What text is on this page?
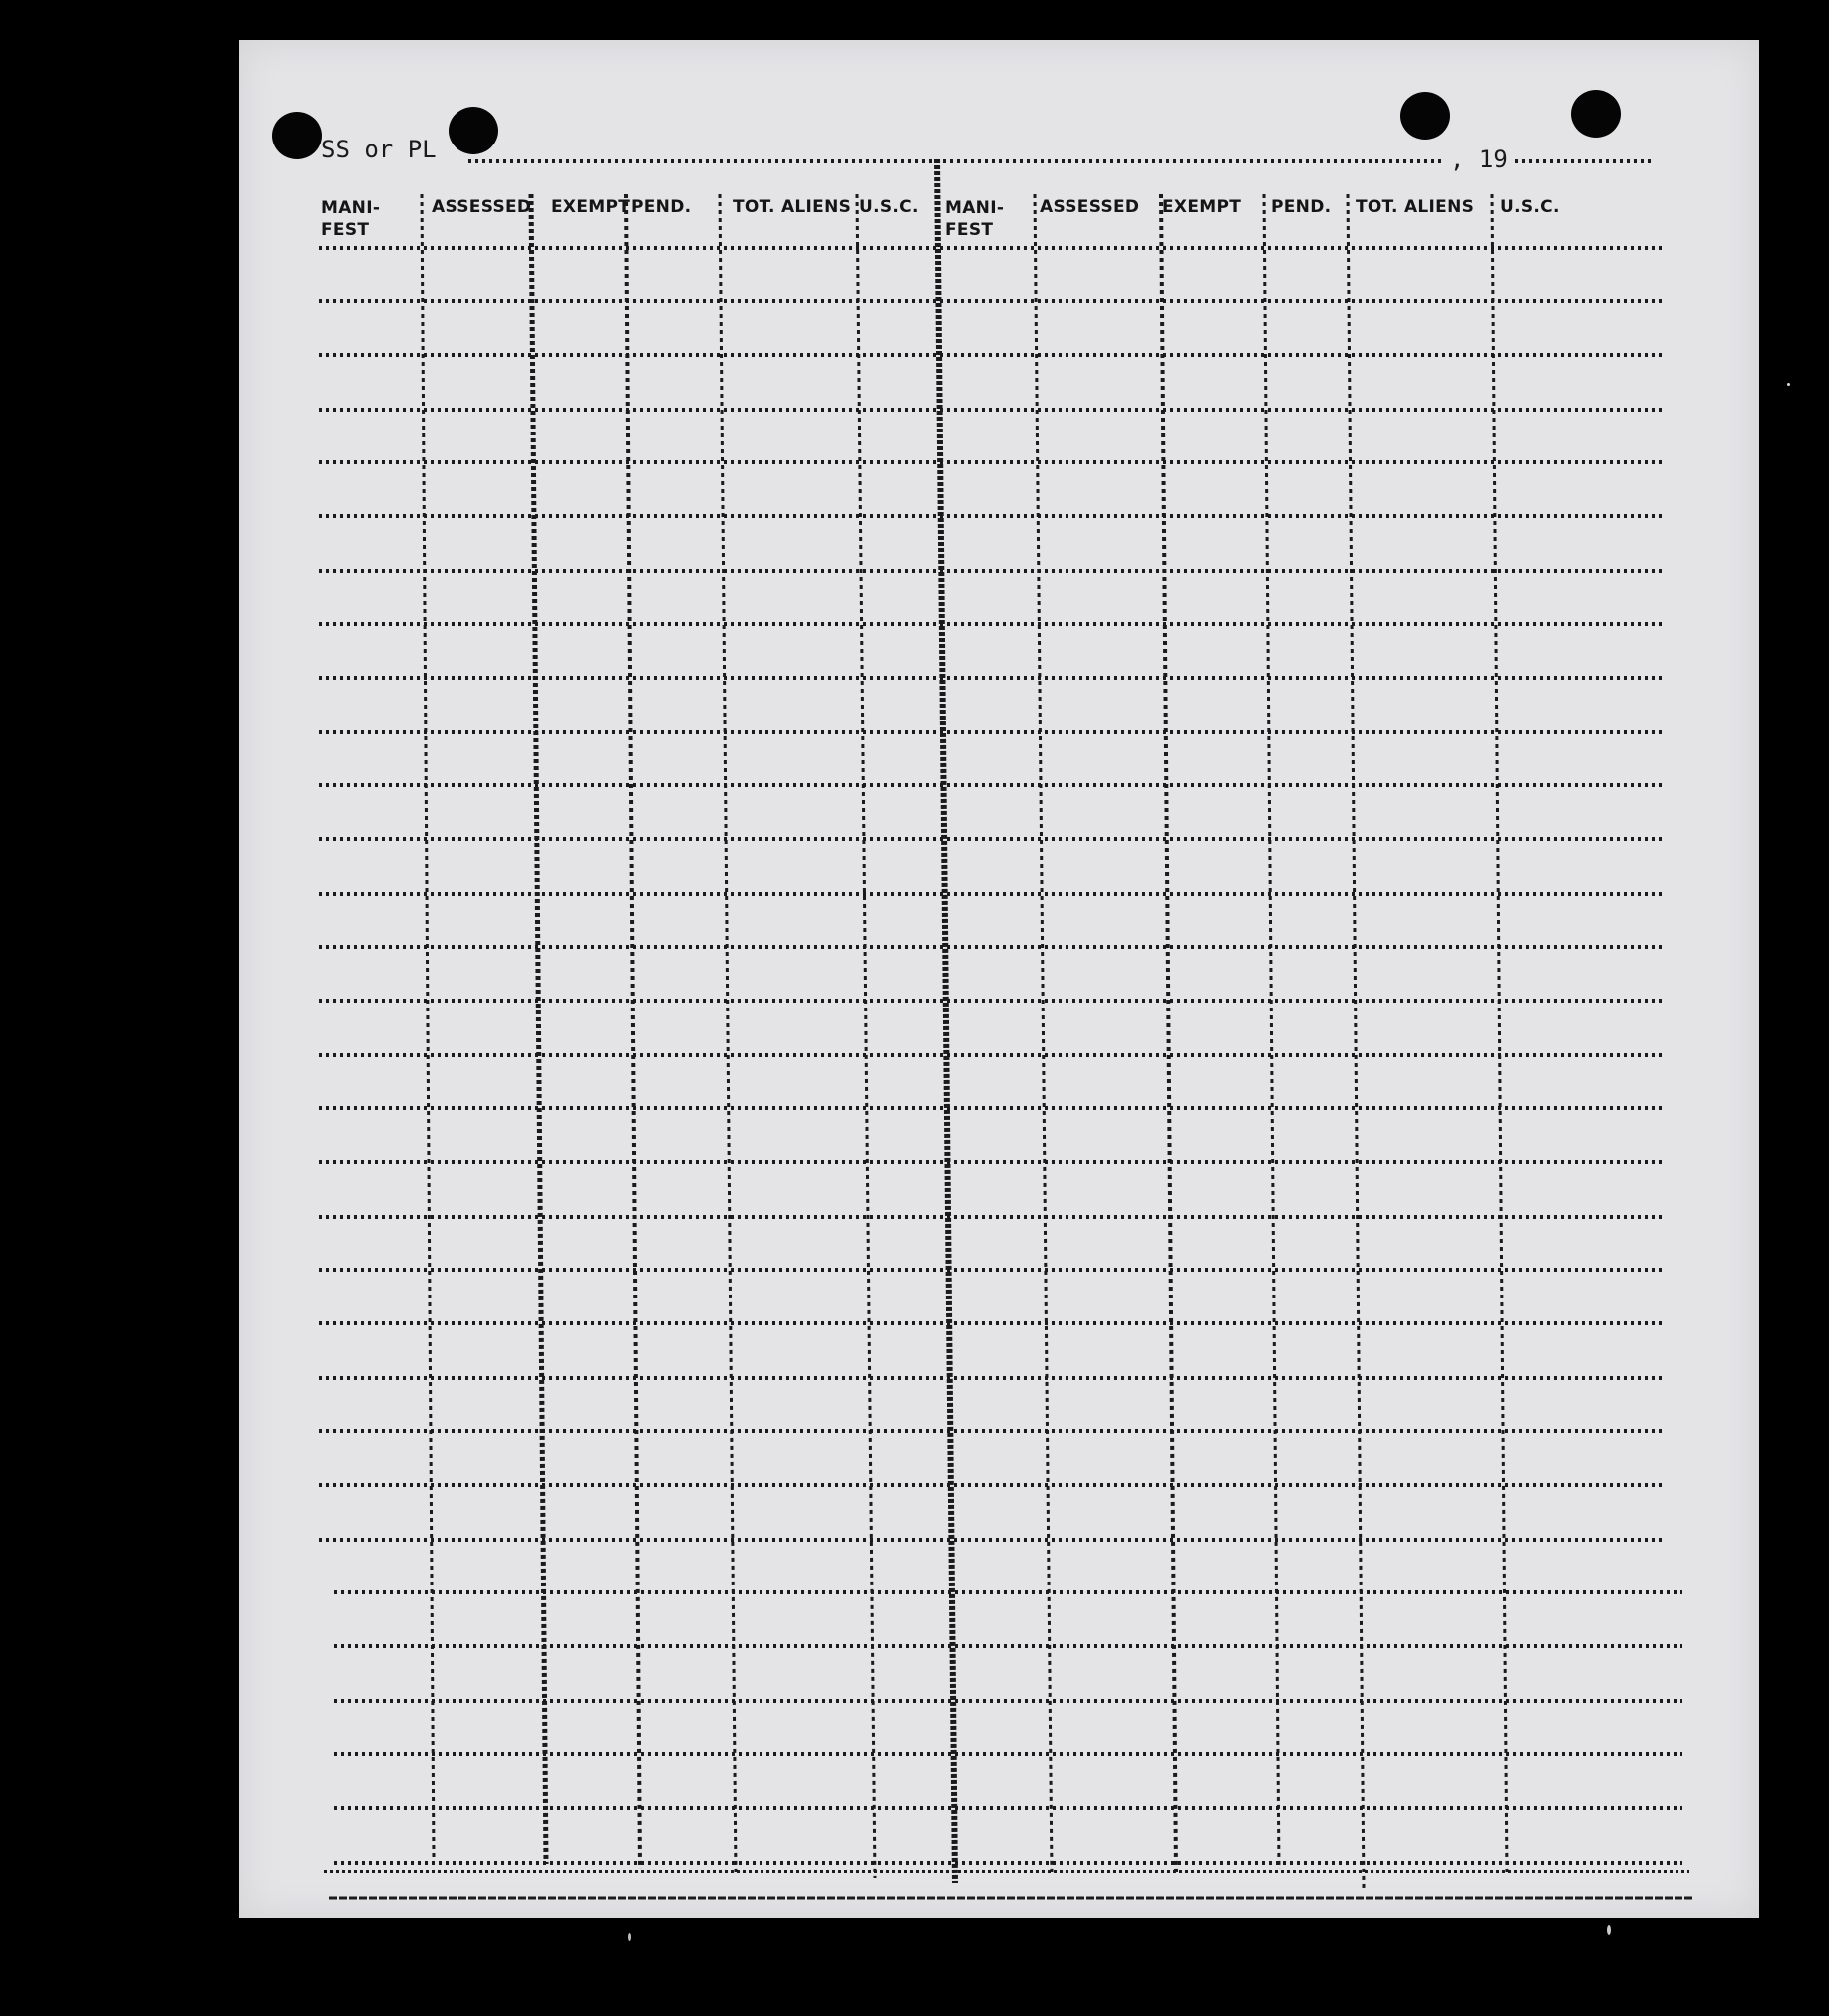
SS or PL	, 19
MANI-FEST
ASSESSED EXEMPT PEND. TOT. ALIENS U.S.C. MANI-FEST
ASSESSED EXEMPT PEND. TOT. ALIENS U.S.C.
